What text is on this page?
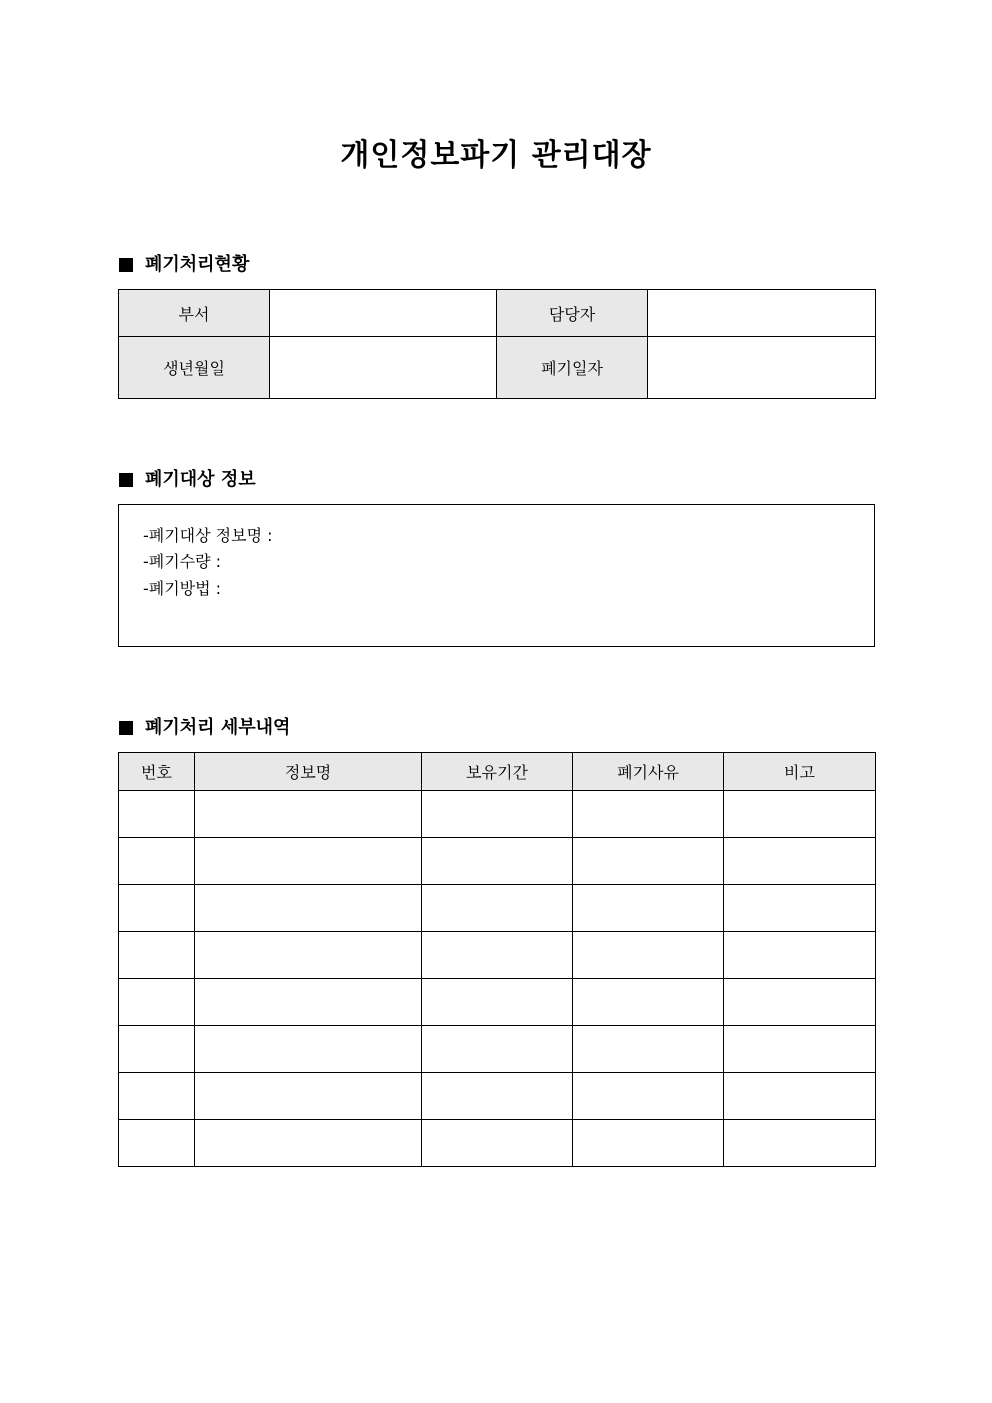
개인정보파기 관리대장
폐기처리현황
부서		담당자	
생년월일		폐기일자	
폐기대상 정보
-폐기대상 정보명 :
-폐기수량 :
-폐기방법 :
폐기처리 세부내역
번호	정보명	보유기간	폐기사유	비고
